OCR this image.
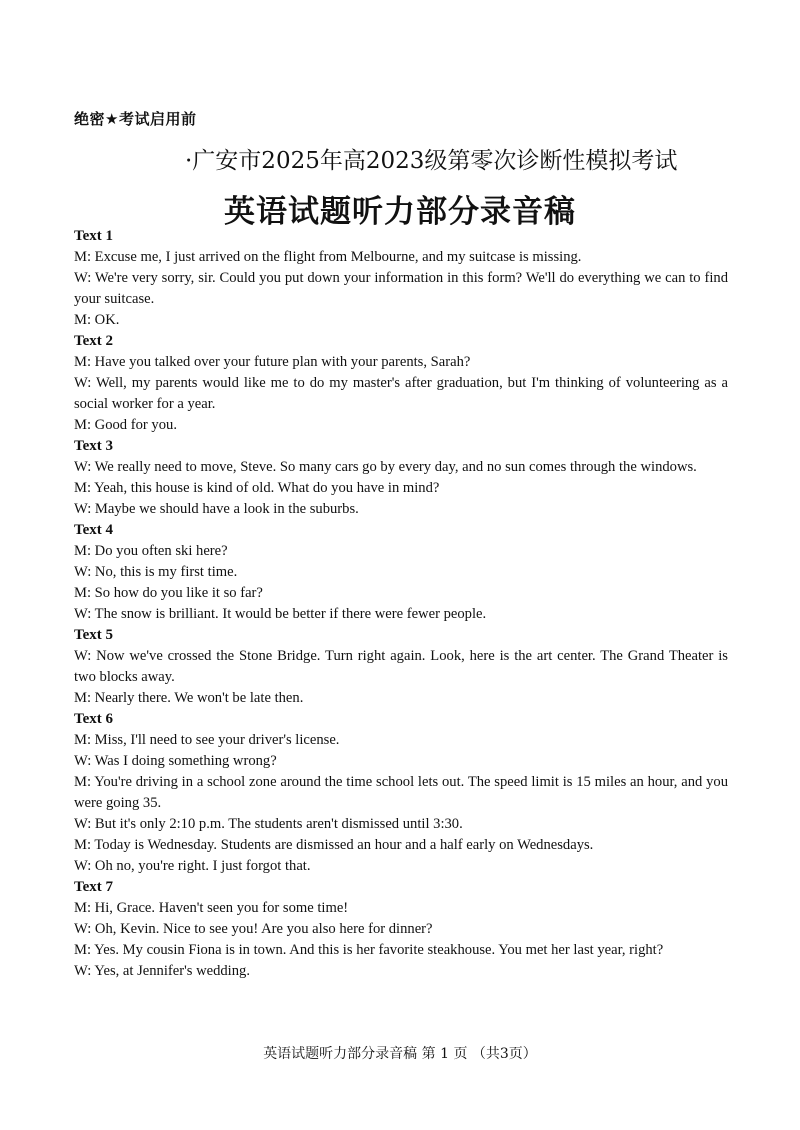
绝密★考试启用前
·广安市2025年高2023级第零次诊断性模拟考试
英语试题听力部分录音稿

Text 1

M: Excuse me, I just arrived on the flight from Melbourne, and my suitcase is missing.

W: We're very sorry, sir. Could you put down your information in this form? We'll do everything we can to find your suitcase.

M: OK.

Text 2

M: Have you talked over your future plan with your parents, Sarah?

W: Well, my parents would like me to do my master's after graduation, but I'm thinking of volunteering as a social worker for a year.

M: Good for you.

Text 3

W: We really need to move, Steve. So many cars go by every day, and no sun comes through the windows.

M: Yeah, this house is kind of old. What do you have in mind?

W: Maybe we should have a look in the suburbs.

Text 4

M: Do you often ski here?

W: No, this is my first time.

M: So how do you like it so far?

W: The snow is brilliant. It would be better if there were fewer people.

Text 5

W: Now we've crossed the Stone Bridge. Turn right again. Look, here is the art center. The Grand Theater is two blocks away.

M: Nearly there. We won't be late then.

Text 6

M: Miss, I'll need to see your driver's license.

W: Was I doing something wrong?

M: You're driving in a school zone around the time school lets out. The speed limit is 15 miles an hour, and you were going 35.

W: But it's only 2:10 p.m. The students aren't dismissed until 3:30.

M: Today is Wednesday. Students are dismissed an hour and a half early on Wednesdays.

W: Oh no, you're right. I just forgot that.

Text 7

M: Hi, Grace. Haven't seen you for some time!

W: Oh, Kevin. Nice to see you! Are you also here for dinner?

M: Yes. My cousin Fiona is in town. And this is her favorite steakhouse. You met her last year, right?

W: Yes, at Jennifer's wedding.

英语试题听力部分录音稿 第 1 页 （共3页）
